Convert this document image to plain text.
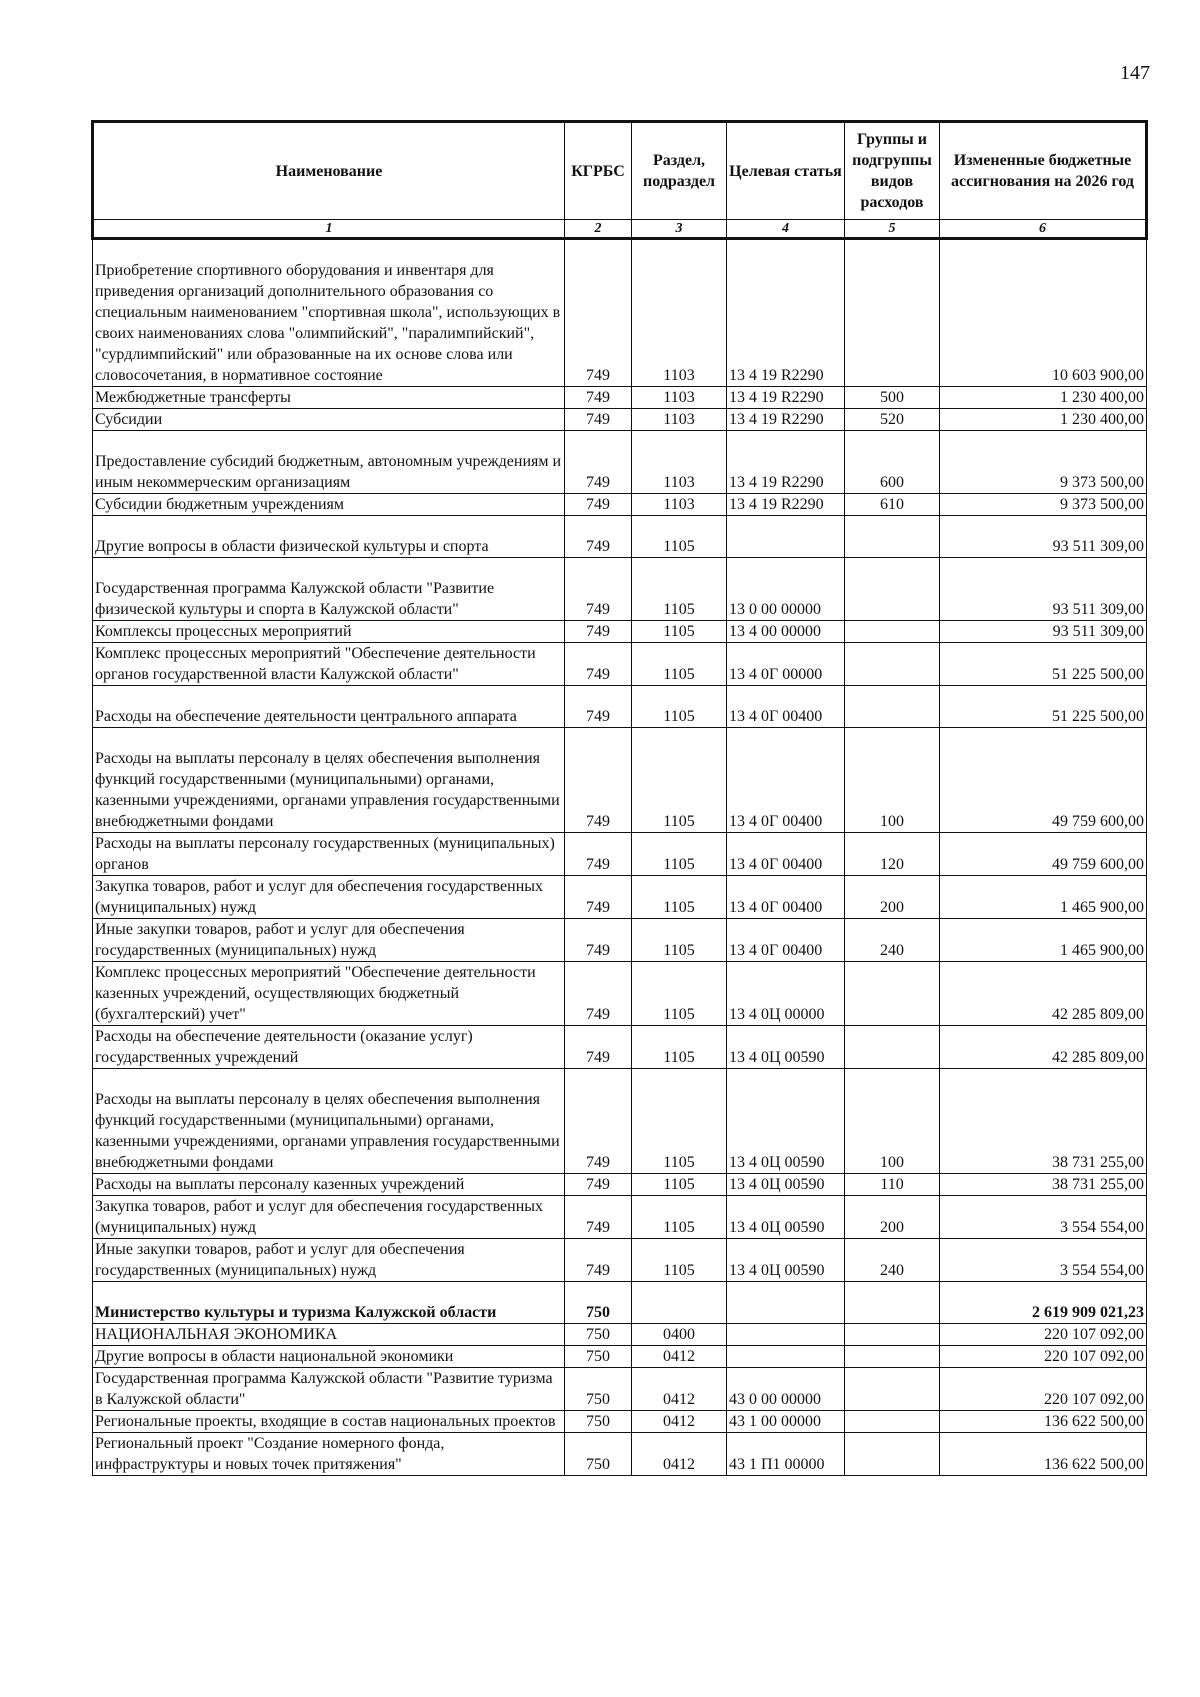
147
Наименование	КГРБС	Раздел, подраздел	Целевая статья	Группы и подгруппы видов расходов	Измененные бюджетные ассигнования на 2026 год
1	2	3	4	5	6
Приобретение спортивного оборудования и инвентаря для приведения организаций дополнительного образования со специальным наименованием "спортивная школа", использующих в своих наименованиях слова "олимпийский", "паралимпийский", "сурдлимпийский" или образованные на их основе слова или словосочетания, в нормативное состояние	749	1103	13 4 19 R2290		10 603 900,00
Межбюджетные трансферты	749	1103	13 4 19 R2290	500	1 230 400,00
Субсидии	749	1103	13 4 19 R2290	520	1 230 400,00
Предоставление субсидий бюджетным, автономным учреждениям и иным некоммерческим организациям	749	1103	13 4 19 R2290	600	9 373 500,00
Субсидии бюджетным учреждениям	749	1103	13 4 19 R2290	610	9 373 500,00
Другие вопросы в области физической культуры и спорта	749	1105			93 511 309,00
Государственная программа Калужской области "Развитие физической культуры и спорта в Калужской области"	749	1105	13 0 00 00000		93 511 309,00
Комплексы процессных мероприятий	749	1105	13 4 00 00000		93 511 309,00
Комплекс процессных мероприятий "Обеспечение деятельности органов государственной власти Калужской области"	749	1105	13 4 0Г 00000		51 225 500,00
Расходы на обеспечение деятельности центрального аппарата	749	1105	13 4 0Г 00400		51 225 500,00
Расходы на выплаты персоналу в целях обеспечения выполнения функций государственными (муниципальными) органами, казенными учреждениями, органами управления государственными внебюджетными фондами	749	1105	13 4 0Г 00400	100	49 759 600,00
Расходы на выплаты персоналу государственных (муниципальных) органов	749	1105	13 4 0Г 00400	120	49 759 600,00
Закупка товаров, работ и услуг для обеспечения государственных (муниципальных) нужд	749	1105	13 4 0Г 00400	200	1 465 900,00
Иные закупки товаров, работ и услуг для обеспечения государственных (муниципальных) нужд	749	1105	13 4 0Г 00400	240	1 465 900,00
Комплекс процессных мероприятий "Обеспечение деятельности казенных учреждений, осуществляющих бюджетный (бухгалтерский) учет"	749	1105	13 4 0Ц 00000		42 285 809,00
Расходы на обеспечение деятельности (оказание услуг) государственных учреждений	749	1105	13 4 0Ц 00590		42 285 809,00
Расходы на выплаты персоналу в целях обеспечения выполнения функций государственными (муниципальными) органами, казенными учреждениями, органами управления государственными внебюджетными фондами	749	1105	13 4 0Ц 00590	100	38 731 255,00
Расходы на выплаты персоналу казенных учреждений	749	1105	13 4 0Ц 00590	110	38 731 255,00
Закупка товаров, работ и услуг для обеспечения государственных (муниципальных) нужд	749	1105	13 4 0Ц 00590	200	3 554 554,00
Иные закупки товаров, работ и услуг для обеспечения государственных (муниципальных) нужд	749	1105	13 4 0Ц 00590	240	3 554 554,00
Министерство культуры и туризма Калужской области	750				2 619 909 021,23
НАЦИОНАЛЬНАЯ ЭКОНОМИКА	750	0400			220 107 092,00
Другие вопросы в области национальной экономики	750	0412			220 107 092,00
Государственная программа Калужской области "Развитие туризма в Калужской области"	750	0412	43 0 00 00000		220 107 092,00
Региональные проекты, входящие в состав национальных проектов	750	0412	43 1 00 00000		136 622 500,00
Региональный проект "Создание номерного фонда, инфраструктуры и новых точек притяжения"	750	0412	43 1 П1 00000		136 622 500,00
